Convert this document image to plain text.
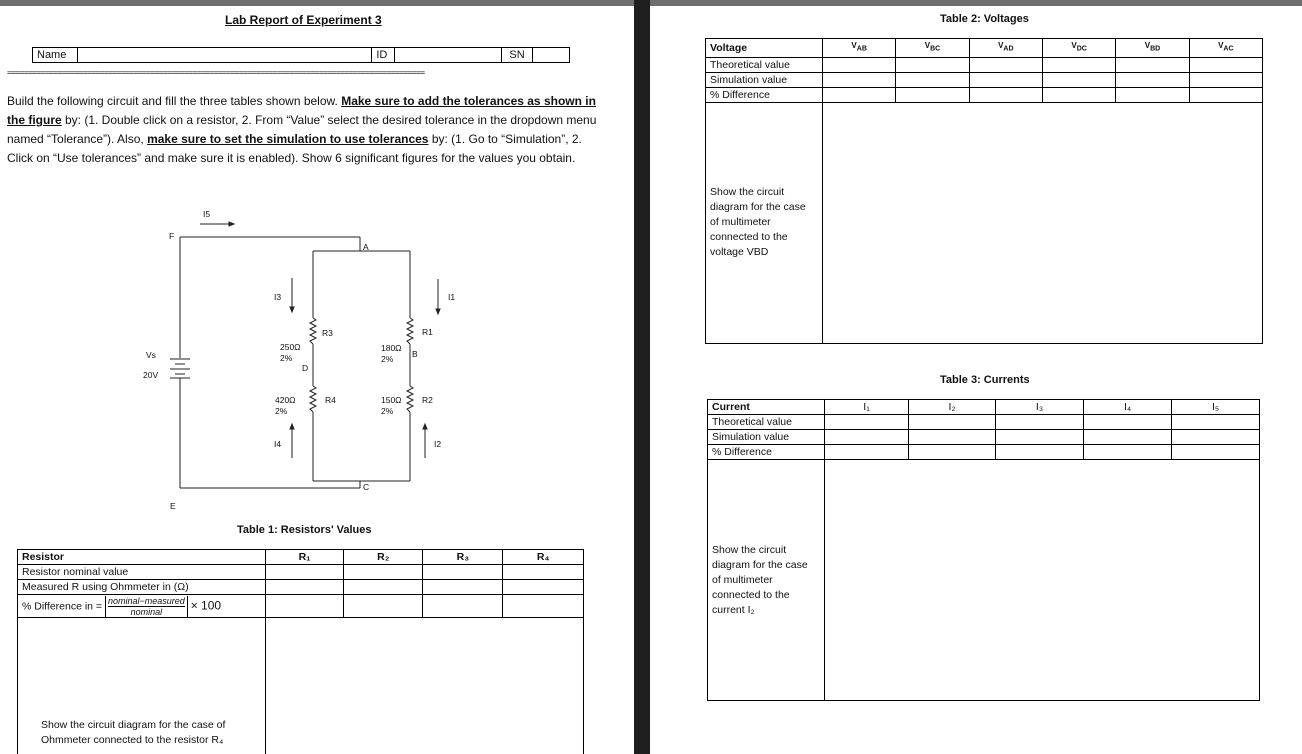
Lab Report of Experiment 3
Name		ID		SN	
===================================================================================================
Build the following circuit and fill the three tables shown below. Make sure to add the tolerances as shown in the figure by: (1. Double click on a resistor, 2. From “Value” select the desired tolerance in the dropdown menu named “Tolerance”). Also, make sure to set the simulation to use tolerances by: (1. Go to “Simulation”, 2. Click on “Use tolerances” and make sure it is enabled). Show 6 significant figures for the values you obtain.
F
E
A
B
C
D
Vs
20V
I5
I3	I1
I4	I2
R3
250Ω
2%
R1
180Ω
2%
R4
420Ω
2%
R2
150Ω
2%
Table 1: Resistors' Values
Resistor	R₁	R₂	R₃	R₄
Resistor nominal value				
Measured R using Ohmmeter in (Ω)				
% Difference in = $\frac{\text{nominal−measured}}{\text{nominal}} \times 100$				

Show the circuit diagram for the case of Ohmmeter connected to the resistor R₄				

Table 2: Voltages
Voltage	$V_{AB}$	$V_{BC}$	$V_{AD}$	$V_{DC}$	$V_{BD}$	$V_{AC}$
Theoretical value						
Simulation value						
% Difference						

Show the circuit diagram for the case of multimeter connected to the voltage VBD						

Table 3: Currents
Current	I₁	I₂	I₃	I₄	I₅
Theoretical value					
Simulation value					
% Difference					

Show the circuit diagram for the case of multimeter connected to the current I₂					
